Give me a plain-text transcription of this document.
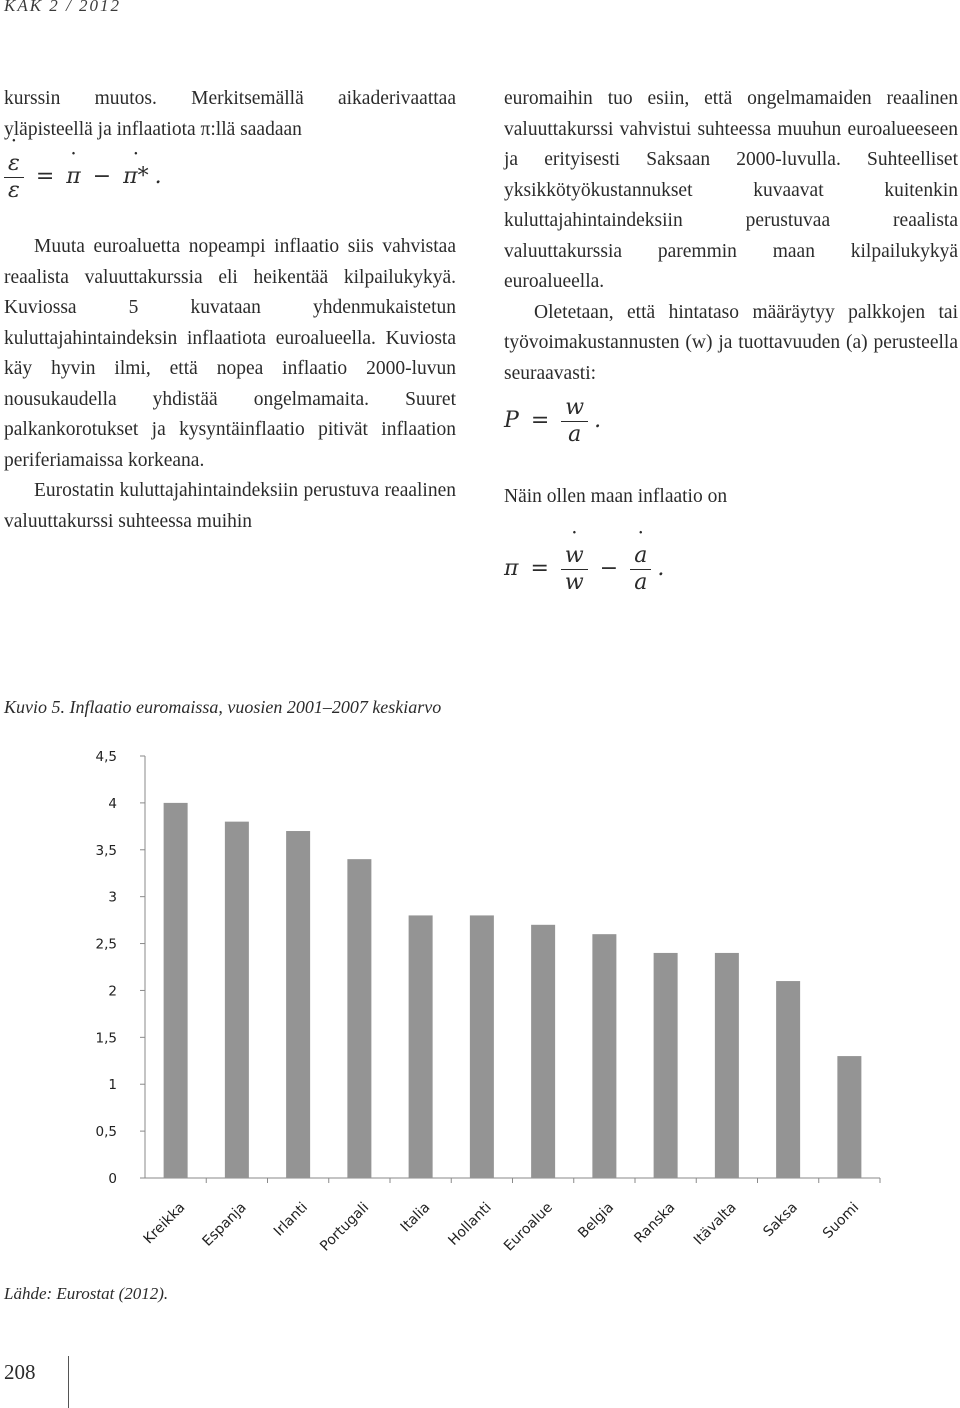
KAK 2 / 2012

kurssin muutos. Merkitsemällä aikaderivaattaa yläpisteellä ja inflaatiota π:llä saadaan

˙ $\frac{\varepsilon}{\varepsilon}$ = ˙ π − ˙ π* .

Muuta euroaluetta nopeampi inflaatio siis vahvistaa reaalista valuuttakurssia eli heikentää kilpailukykyä. Kuviossa 5 kuvataan yhdenmukaistetun kuluttajahintaindeksin inflaatiota euroalueella. Kuviosta käy hyvin ilmi, että nopea inflaatio 2000-luvun nousukaudella yhdistää ongelmamaita. Suuret palkankorotukset ja kysyntäinflaatio pitivät inflaation periferiamaissa korkeana.

Eurostatin kuluttajahintaindeksiin perustuva reaalinen valuuttakurssi suhteessa muihin

euromaihin tuo esiin, että ongelmamaiden reaalinen valuuttakurssi vahvistui suhteessa muuhun euroalueeseen ja erityisesti Saksaan 2000-luvulla. Suhteelliset yksikkötyökustannukset kuvaavat kuitenkin kuluttajahintaindeksiin perustuvaa reaalista valuuttakurssia paremmin maan kilpailukykyä euroalueella.

Oletetaan, että hintataso määräytyy palkkojen tai työvoimakustannusten (w) ja tuottavuuden (a) perusteella seuraavasti:

$P = \frac{w}{a}$ .

Näin ollen maan inflaatio on

π = ˙ $\frac{w}{w}$ − ˙ $\frac{a}{a}$ .
Kuvio 5. Inflaatio euromaissa, vuosien 2001–2007 keskiarvo
0
0,5
1
1,5
2
2,5
3
3,5
4
4,5
Kreikka Espanja Irlanti Portugali Italia Hollanti Euroalue Belgia Ranska Itävalta Saksa Suomi
Lähde: Eurostat (2012).
208
